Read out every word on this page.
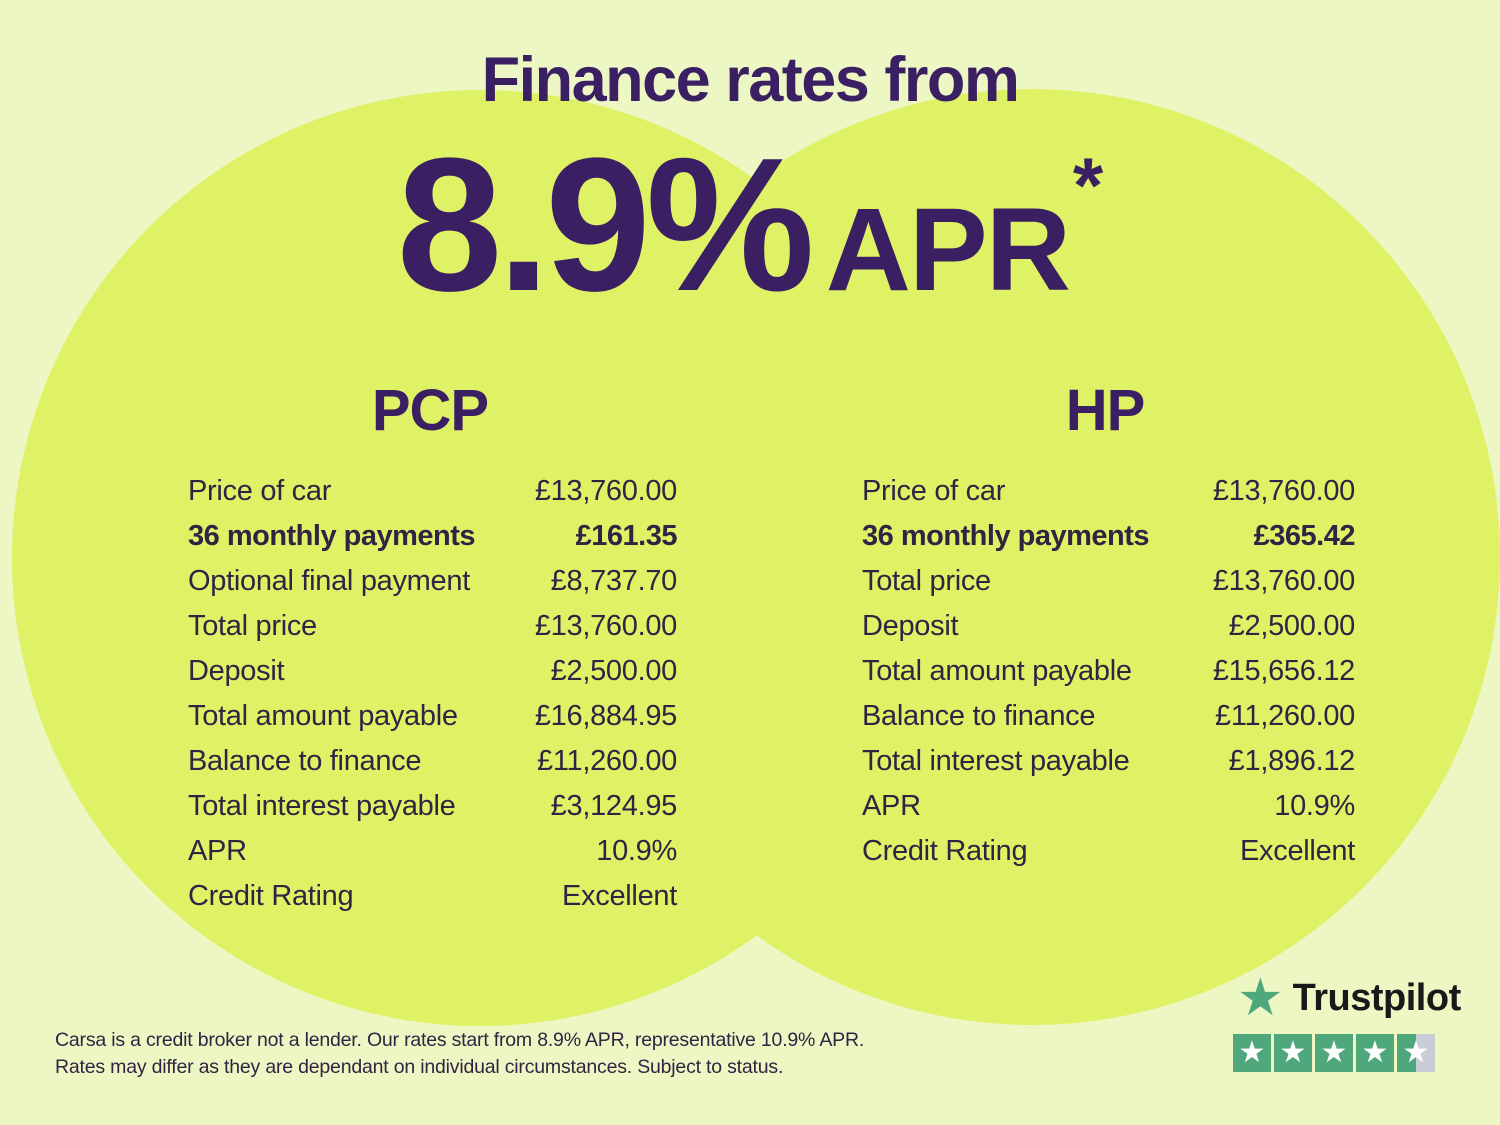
Finance rates from
8.9% APR *
PCP
Price of car	£13,760.00
36 monthly payments	£161.35
Optional final payment	£8,737.70
Total price	£13,760.00
Deposit	£2,500.00
Total amount payable	£16,884.95
Balance to finance	£11,260.00
Total interest payable	£3,124.95
APR	10.9%
Credit Rating	Excellent
HP
Price of car	£13,760.00
36 monthly payments	£365.42
Total price	£13,760.00
Deposit	£2,500.00
Total amount payable	£15,656.12
Balance to finance	£11,260.00
Total interest payable	£1,896.12
APR	10.9%
Credit Rating	Excellent
Carsa is a credit broker not a lender. Our rates start from 8.9% APR, representative 10.9% APR.
Rates may differ as they are dependant on individual circumstances. Subject to status.
★ Trustpilot
★ ★ ★ ★ ★
